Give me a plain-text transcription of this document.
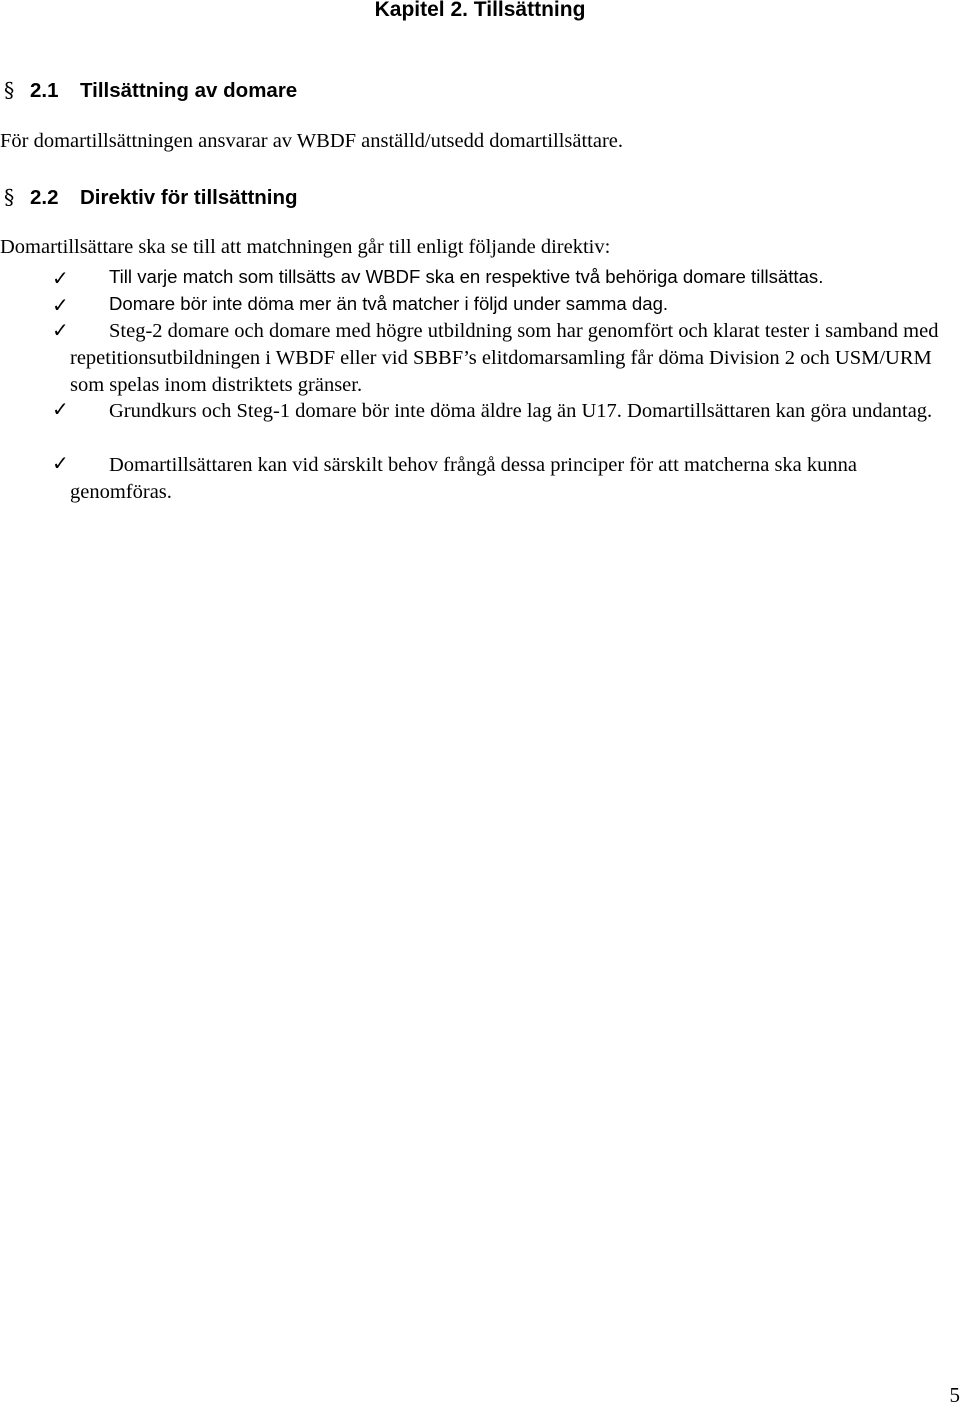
Kapitel 2. Tillsättning
§ 2.1 Tillsättning av domare
För domartillsättningen ansvarar av WBDF anställd/utsedd domartillsättare.
§ 2.2 Direktiv för tillsättning
Domartillsättare ska se till att matchningen går till enligt följande direktiv:
✓	Till varje match som tillsätts av WBDF ska en respektive två behöriga domare tillsättas.
✓	Domare bör inte döma mer än två matcher i följd under samma dag.
✓	Steg-2 domare och domare med högre utbildning som har genomfört och klarat tester i samband med repetitionsutbildningen i WBDF eller vid SBBF’s elitdomarsamling får döma Division 2 och USM/URM som spelas inom distriktets gränser.
✓	Grundkurs och Steg-1 domare bör inte döma äldre lag än U17. Domartillsättaren kan göra undantag.
✓	Domartillsättaren kan vid särskilt behov frångå dessa principer för att matcherna ska kunna genomföras.
5
